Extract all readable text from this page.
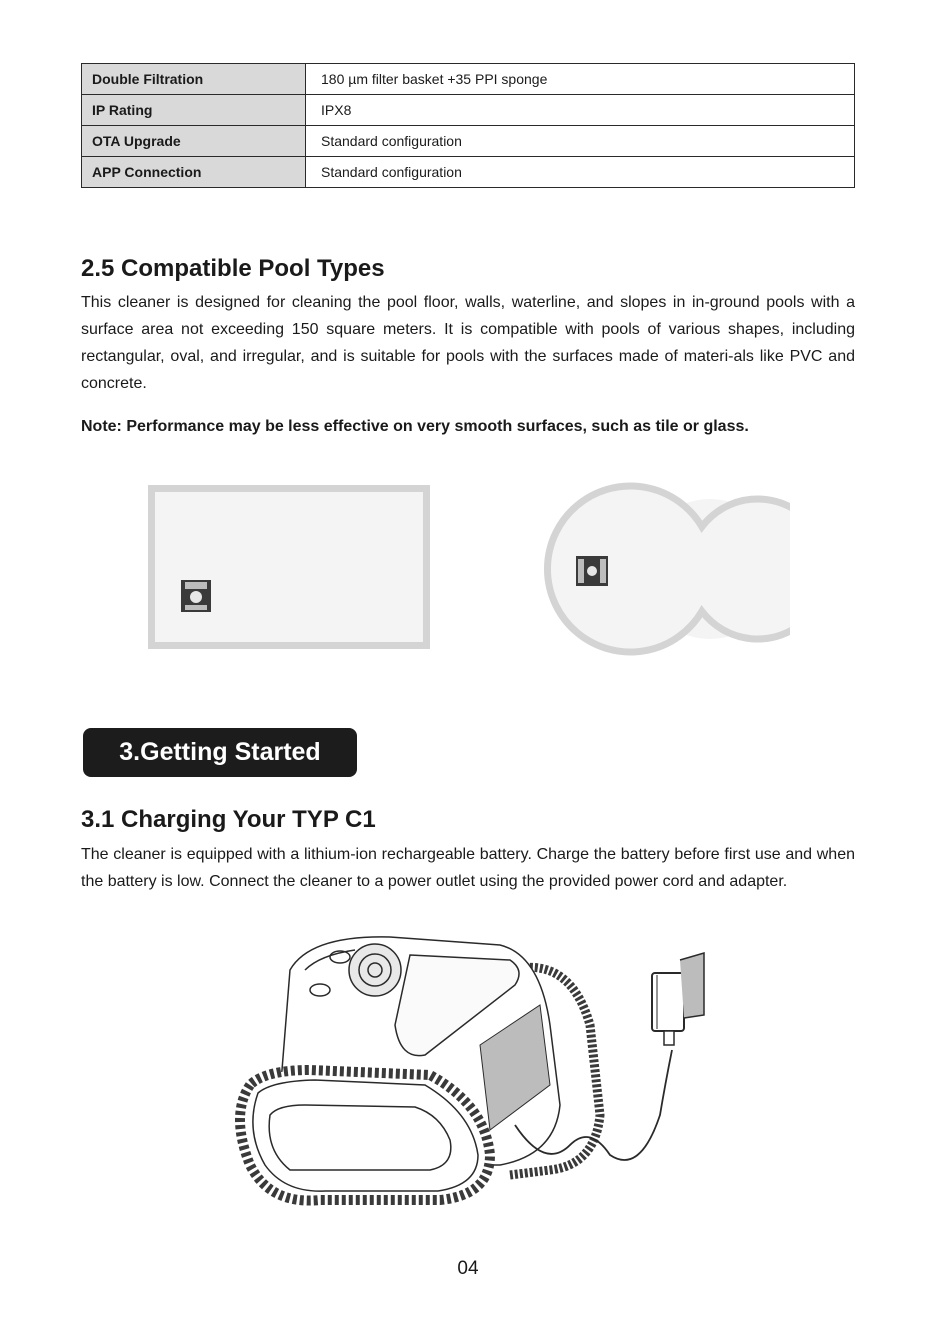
Double Filtration	180 µm filter basket +35 PPI sponge
IP Rating	IPX8
OTA Upgrade	Standard configuration
APP Connection	Standard configuration
2.5 Compatible Pool Types

This cleaner is designed for cleaning the pool floor, walls, waterline, and slopes in in-ground pools with a surface area not exceeding 150 square meters. It is compatible with pools of various shapes, including rectangular, oval, and irregular, and is suitable for pools with the surfaces made of materi-als like PVC and concrete.

Note: Performance may be less effective on very smooth surfaces, such as tile or glass.

3.Getting Started
3.1 Charging Your TYP C1

The cleaner is equipped with a lithium-ion rechargeable battery. Charge the battery before first use and when the battery is low. Connect the cleaner to a power outlet using the provided power cord and adapter.

04
